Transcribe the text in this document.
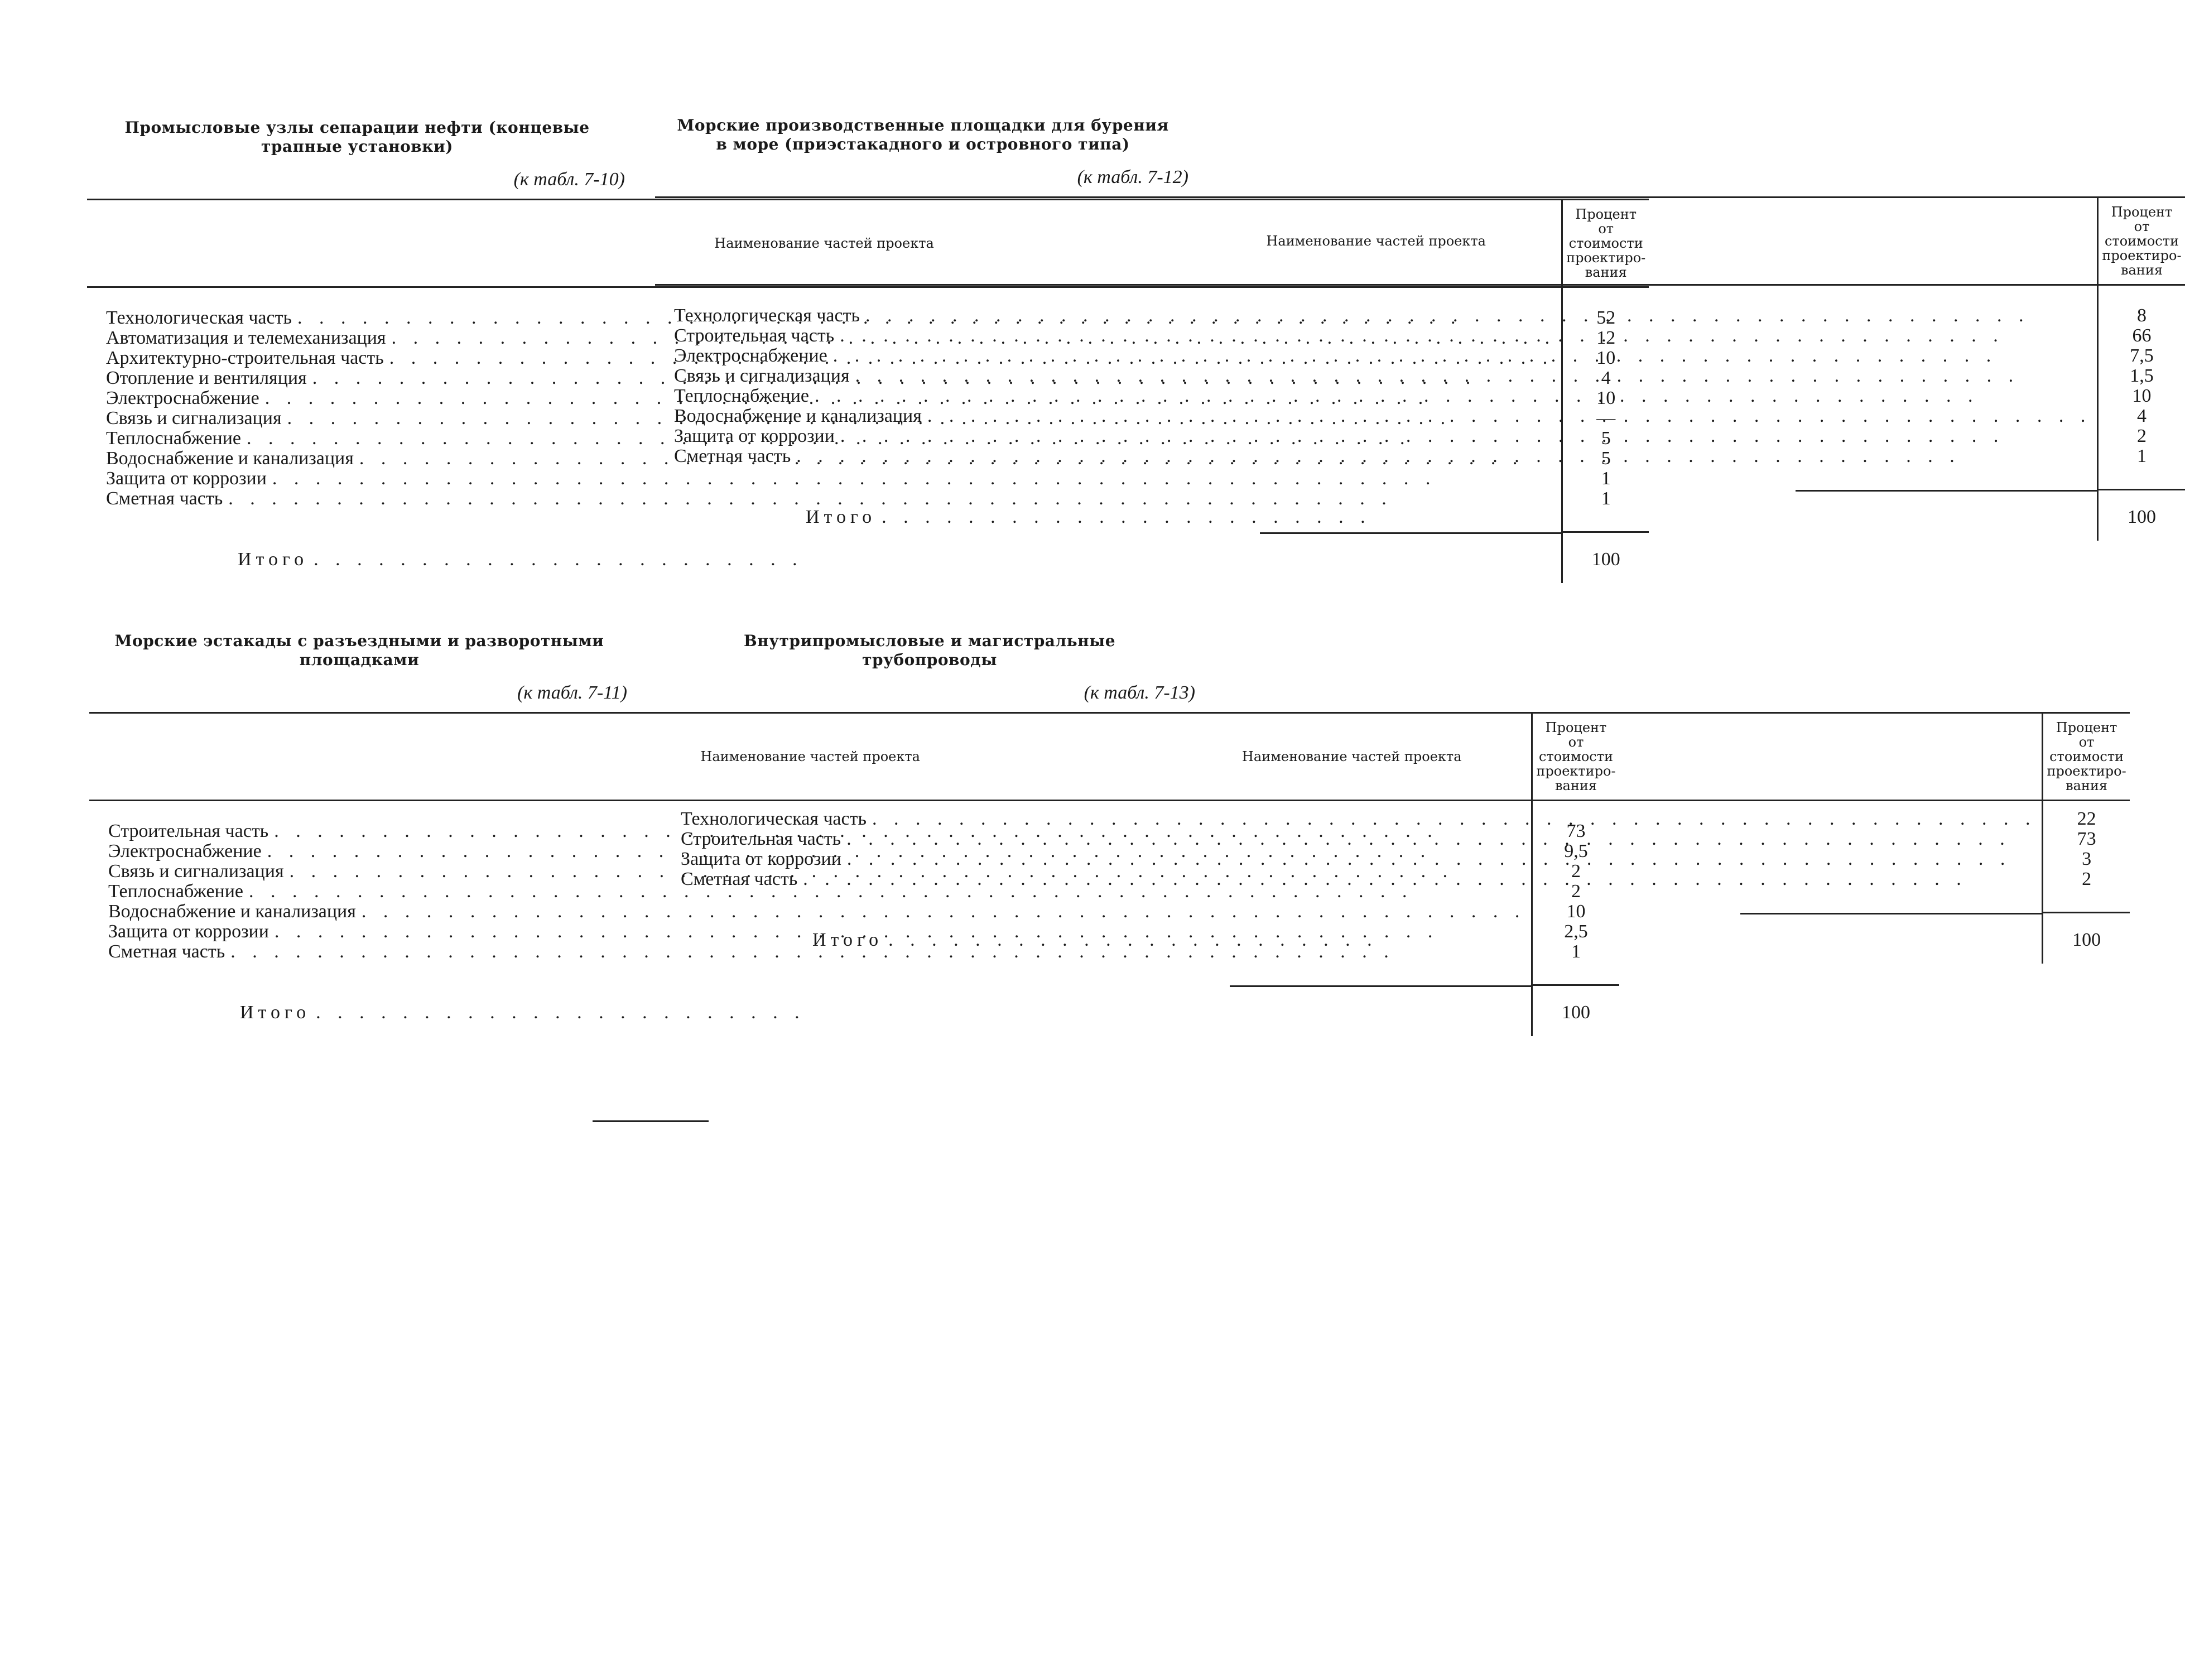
Промысловые узлы сепарации нефти (концевые
трапные установки)

(к табл. 7-10)
Наименование частей проекта	Процент от
стоимости
проектиро-
вания

Технологическая часть
. . .	52

Автоматизация и телемеханизация
. . .	12

Архитектурно-строительная часть
. . .	10

Отопление и вентиляция
. . .	4

Электроснабжение
. . .	10

Связь и сигнализация
. . .	—

Теплоснабжение
. . .	5

Водоснабжение и канализация
. . .	5

Защита от коррозии
. . .	1

Сметная часть
. . .	1

Итого
. . .	100

Морские производственные площадки для бурения
в море (приэстакадного и островного типа)

(к табл. 7-12)
Наименование частей проекта	Процент от
стоимости
проектиро-
вания

Технологическая часть
. . .	8

Строительная часть
. . .	66

Электроснабжение
. . .	7,5

Связь и сигнализация
. . .	1,5

Теплоснабжение
. . .	10

Водоснабжение и канализация
. . .	4

Защита от коррозии
. . .	2

Сметная часть
. . .	1

Итого
. . .	100

Морские эстакады с разъездными и разворотными
площадками

(к табл. 7-11)
Наименование частей проекта	Процент от
стоимости
проектиро-
вания

Строительная часть
. . .	73

Электроснабжение
. . .	9,5

Связь и сигнализация
. . .	2

Теплоснабжение
. . .	2

Водоснабжение и канализация
. . .	10

Защита от коррозии
. . .	2,5

Сметная часть
. . .	1

Итого
. . .	100

Внутрипромысловые и магистральные
трубопроводы

(к табл. 7-13)
Наименование частей проекта	Процент от
стоимости
проектиро-
вания

Технологическая часть
. . .	22

Строительная часть
. . .	73

Защита от коррозии
. . .	3

Сметная часть
. . .	2

Итого
. . .	100
